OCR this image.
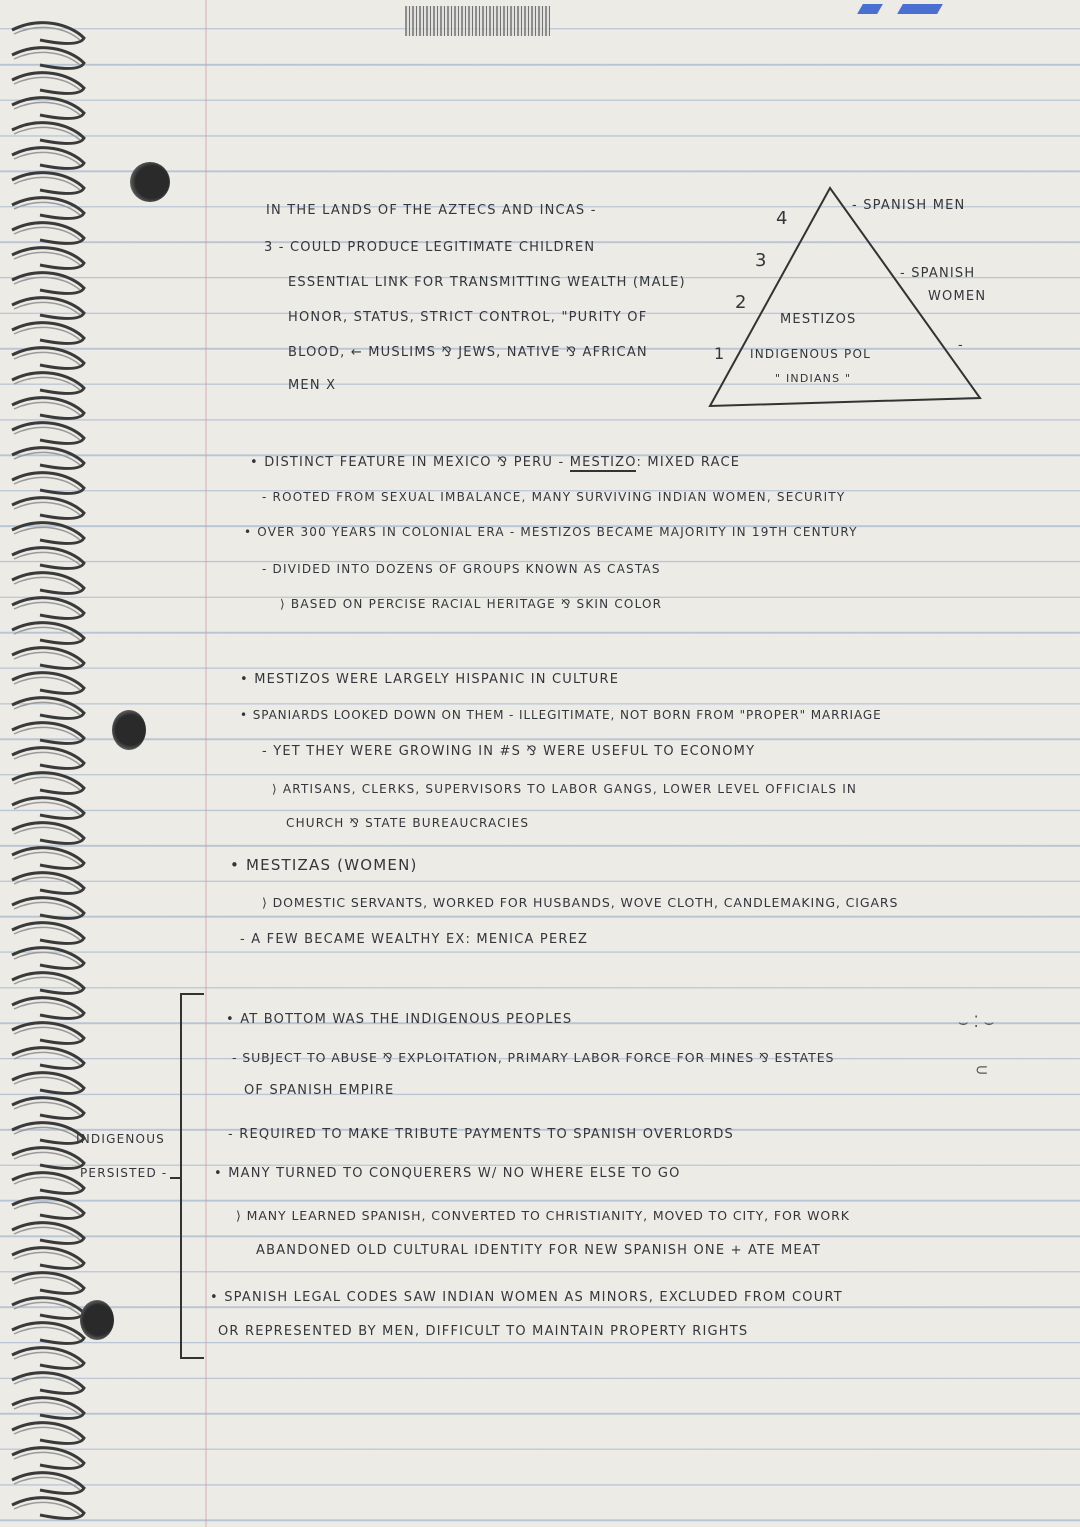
IN THE LANDS OF THE AZTECS AND INCAS -
3 - COULD PRODUCE LEGITIMATE CHILDREN
ESSENTIAL LINK FOR TRANSMITTING WEALTH (MALE)
HONOR, STATUS, STRICT CONTROL, "PURITY OF
BLOOD, ← MUSLIMS ⅋ JEWS, NATIVE ⅋ AFRICAN
MEN X
4
3
2
1
- SPANISH MEN
- SPANISH
WOMEN
MESTIZOS
INDIGENOUS POL
" INDIANS "
-
• DISTINCT FEATURE IN MEXICO ⅋ PERU - MESTIZO: MIXED RACE
- ROOTED FROM SEXUAL IMBALANCE, MANY SURVIVING INDIAN WOMEN, SECURITY
• OVER 300 YEARS IN COLONIAL ERA - MESTIZOS BECAME MAJORITY IN 19TH CENTURY
- DIVIDED INTO DOZENS OF GROUPS KNOWN AS CASTAS
⟩ BASED ON PERCISE RACIAL HERITAGE ⅋ SKIN COLOR
• MESTIZOS WERE LARGELY HISPANIC IN CULTURE
• SPANIARDS LOOKED DOWN ON THEM - ILLEGITIMATE, NOT BORN FROM "PROPER" MARRIAGE
- YET THEY WERE GROWING IN #S ⅋ WERE USEFUL TO ECONOMY
⟩ ARTISANS, CLERKS, SUPERVISORS TO LABOR GANGS, LOWER LEVEL OFFICIALS IN
CHURCH ⅋ STATE BUREAUCRACIES
• MESTIZAS (WOMEN)
⟩ DOMESTIC SERVANTS, WORKED FOR HUSBANDS, WOVE CLOTH, CANDLEMAKING, CIGARS
- A FEW BECAME WEALTHY EX: MENICA PEREZ
• AT BOTTOM WAS THE INDIGENOUS PEOPLES
- SUBJECT TO ABUSE ⅋ EXPLOITATION, PRIMARY LABOR FORCE FOR MINES ⅋ ESTATES
OF SPANISH EMPIRE
- REQUIRED TO MAKE TRIBUTE PAYMENTS TO SPANISH OVERLORDS
• MANY TURNED TO CONQUERERS W/ NO WHERE ELSE TO GO
⟩ MANY LEARNED SPANISH, CONVERTED TO CHRISTIANITY, MOVED TO CITY, FOR WORK
ABANDONED OLD CULTURAL IDENTITY FOR NEW SPANISH ONE + ATE MEAT
• SPANISH LEGAL CODES SAW INDIAN WOMEN AS MINORS, EXCLUDED FROM COURT
OR REPRESENTED BY MEN, DIFFICULT TO MAINTAIN PROPERTY RIGHTS
INDIGENOUS
PERSISTED -
⌣ ⁚ ⌣
⊂
